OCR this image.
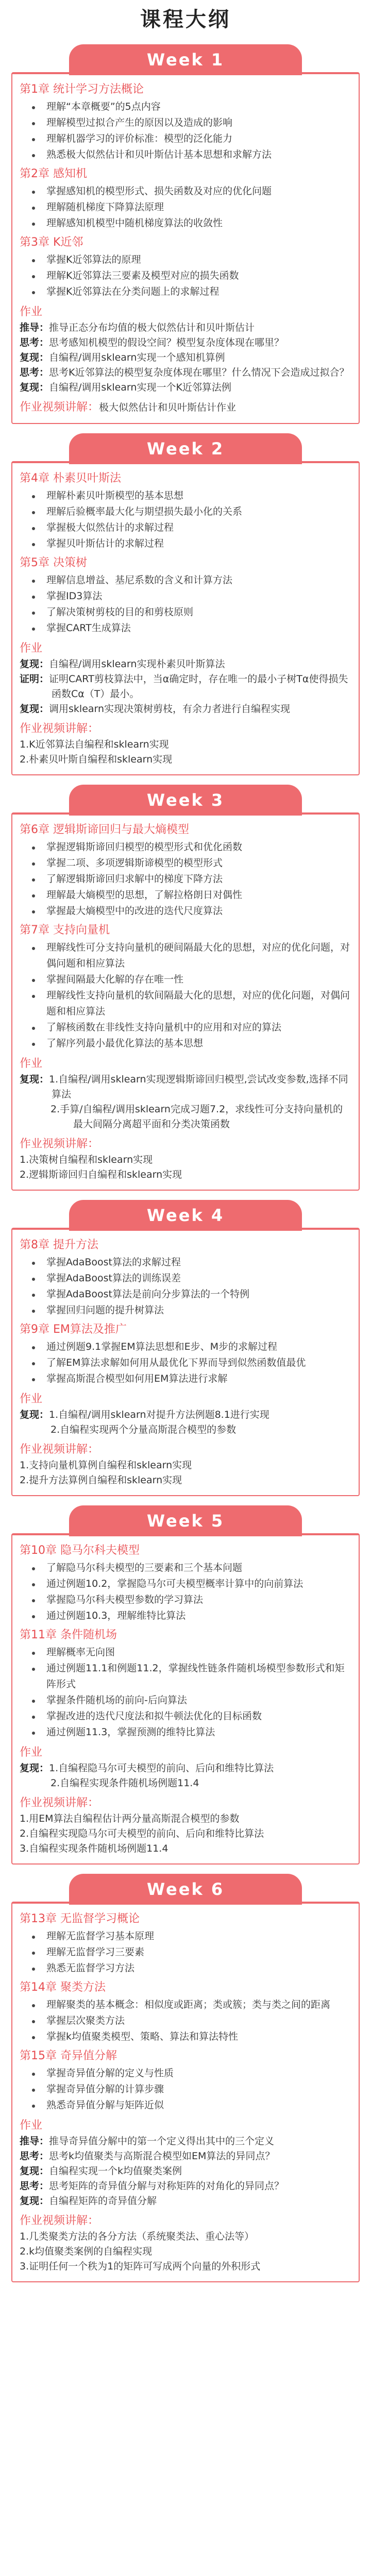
课程大纲
Week 1
第1章 统计学习方法概论
理解“本章概要”的5点内容
理解模型过拟合产生的原因以及造成的影响
理解机器学习的评价标准：模型的泛化能力
熟悉极大似然估计和贝叶斯估计基本思想和求解方法
第2章 感知机
掌握感知机的模型形式、损失函数及对应的优化问题
理解随机梯度下降算法原理
理解感知机模型中随机梯度算法的收敛性
第3章 K近邻
掌握K近邻算法的原理
理解K近邻算法三要素及模型对应的损失函数
掌握K近邻算法在分类问题上的求解过程
作业
推导：推导正态分布均值的极大似然估计和贝叶斯估计
思考：思考感知机模型的假设空间？模型复杂度体现在哪里？
复现：自编程/调用sklearn实现一个感知机算例
思考：思考K近邻算法的模型复杂度体现在哪里？什么情况下会造成过拟合？
复现：自编程/调用sklearn实现一个K近邻算法例
作业视频讲解：极大似然估计和贝叶斯估计作业
Week 2
第4章 朴素贝叶斯法
理解朴素贝叶斯模型的基本思想
理解后验概率最大化与期望损失最小化的关系
掌握极大似然估计的求解过程
掌握贝叶斯估计的求解过程
第5章 决策树
理解信息增益、基尼系数的含义和计算方法
掌握ID3算法
了解决策树剪枝的目的和剪枝原则
掌握CART生成算法
作业
复现：自编程/调用sklearn实现朴素贝叶斯算法
证明：证明CART剪枝算法中，当α确定时，存在唯一的最小子树Tα使得损失函数Cα（T）最小。
复现：调用sklearn实现决策树剪枝，有余力者进行自编程实现
作业视频讲解：
1.K近邻算法自编程和sklearn实现
2.朴素贝叶斯自编程和sklearn实现
Week 3
第6章 逻辑斯谛回归与最大熵模型
掌握逻辑斯谛回归模型的模型形式和优化函数
掌握二项、多项逻辑斯谛模型的模型形式
了解逻辑斯谛回归求解中的梯度下降方法
理解最大熵模型的思想，了解拉格朗日对偶性
掌握最大熵模型中的改进的迭代尺度算法
第7章 支持向量机
理解线性可分支持向量机的硬间隔最大化的思想，对应的优化问题，对偶问题和相应算法
掌握间隔最大化解的存在唯一性
理解线性支持向量机的软间隔最大化的思想，对应的优化问题，对偶问题和相应算法
了解核函数在非线性支持向量机中的应用和对应的算法
了解序列最小最优化算法的基本思想
作业
复现：1.自编程/调用sklearn实现逻辑斯谛回归模型,尝试改变参数,选择不同算法
2.手算/自编程/调用sklearn完成习题7.2，求线性可分支持向量机的最大间隔分离超平面和分类决策函数
作业视频讲解：
1.决策树自编程和sklearn实现
2.逻辑斯谛回归自编程和sklearn实现
Week 4
第8章 提升方法
掌握AdaBoost算法的求解过程
掌握AdaBoost算法的训练误差
掌握AdaBoost算法是前向分步算法的一个特例
掌握回归问题的提升树算法
第9章 EM算法及推广
通过例题9.1掌握EM算法思想和E步、M步的求解过程
了解EM算法求解如何用从最优化下界而导到似然函数值最优
掌握高斯混合模型如何用EM算法进行求解
作业
复现：1.自编程/调用sklearn对提升方法例题8.1进行实现
2.自编程实现两个分量高斯混合模型的参数
作业视频讲解：
1.支持向量机算例自编程和sklearn实现
2.提升方法算例自编程和sklearn实现
Week 5
第10章 隐马尔科夫模型
了解隐马尔科夫模型的三要素和三个基本问题
通过例题10.2，掌握隐马尔可夫模型概率计算中的向前算法
掌握隐马尔科夫模型参数的学习算法
通过例题10.3，理解维特比算法
第11章 条件随机场
理解概率无向图
通过例题11.1和例题11.2，掌握线性链条件随机场模型参数形式和矩阵形式
掌握条件随机场的前向-后向算法
掌握改进的迭代尺度法和拟牛顿法优化的目标函数
通过例题11.3，掌握预测的维特比算法
作业
复现：1.自编程隐马尔可夫模型的前向、后向和维特比算法
2.自编程实现条件随机场例题11.4
作业视频讲解：
1.用EM算法自编程估计两分量高斯混合模型的参数
2.自编程实现隐马尔可夫模型的前向、后向和维特比算法
3.自编程实现条件随机场例题11.4
Week 6
第13章 无监督学习概论
理解无监督学习基本原理
理解无监督学习三要素
熟悉无监督学习方法
第14章 聚类方法
理解聚类的基本概念：相似度或距离；类或簇；类与类之间的距离
掌握层次聚类方法
掌握k均值聚类模型、策略、算法和算法特性
第15章 奇异值分解
掌握奇异值分解的定义与性质
掌握奇异值分解的计算步骤
熟悉奇异值分解与矩阵近似
作业
推导：推导奇异值分解中的第一个定义得出其中的三个定义
思考：思考k均值聚类与高斯混合模型如EM算法的异同点？
复现：自编程实现一个k均值聚类案例
思考：思考矩阵的奇异值分解与对称矩阵的对角化的异同点？
复现：自编程矩阵的奇异值分解
作业视频讲解：
1.几类聚类方法的各分方法（系统聚类法、重心法等）
2.k均值聚类案例的自编程实现
3.证明任何一个秩为1的矩阵可写成两个向量的外积形式
